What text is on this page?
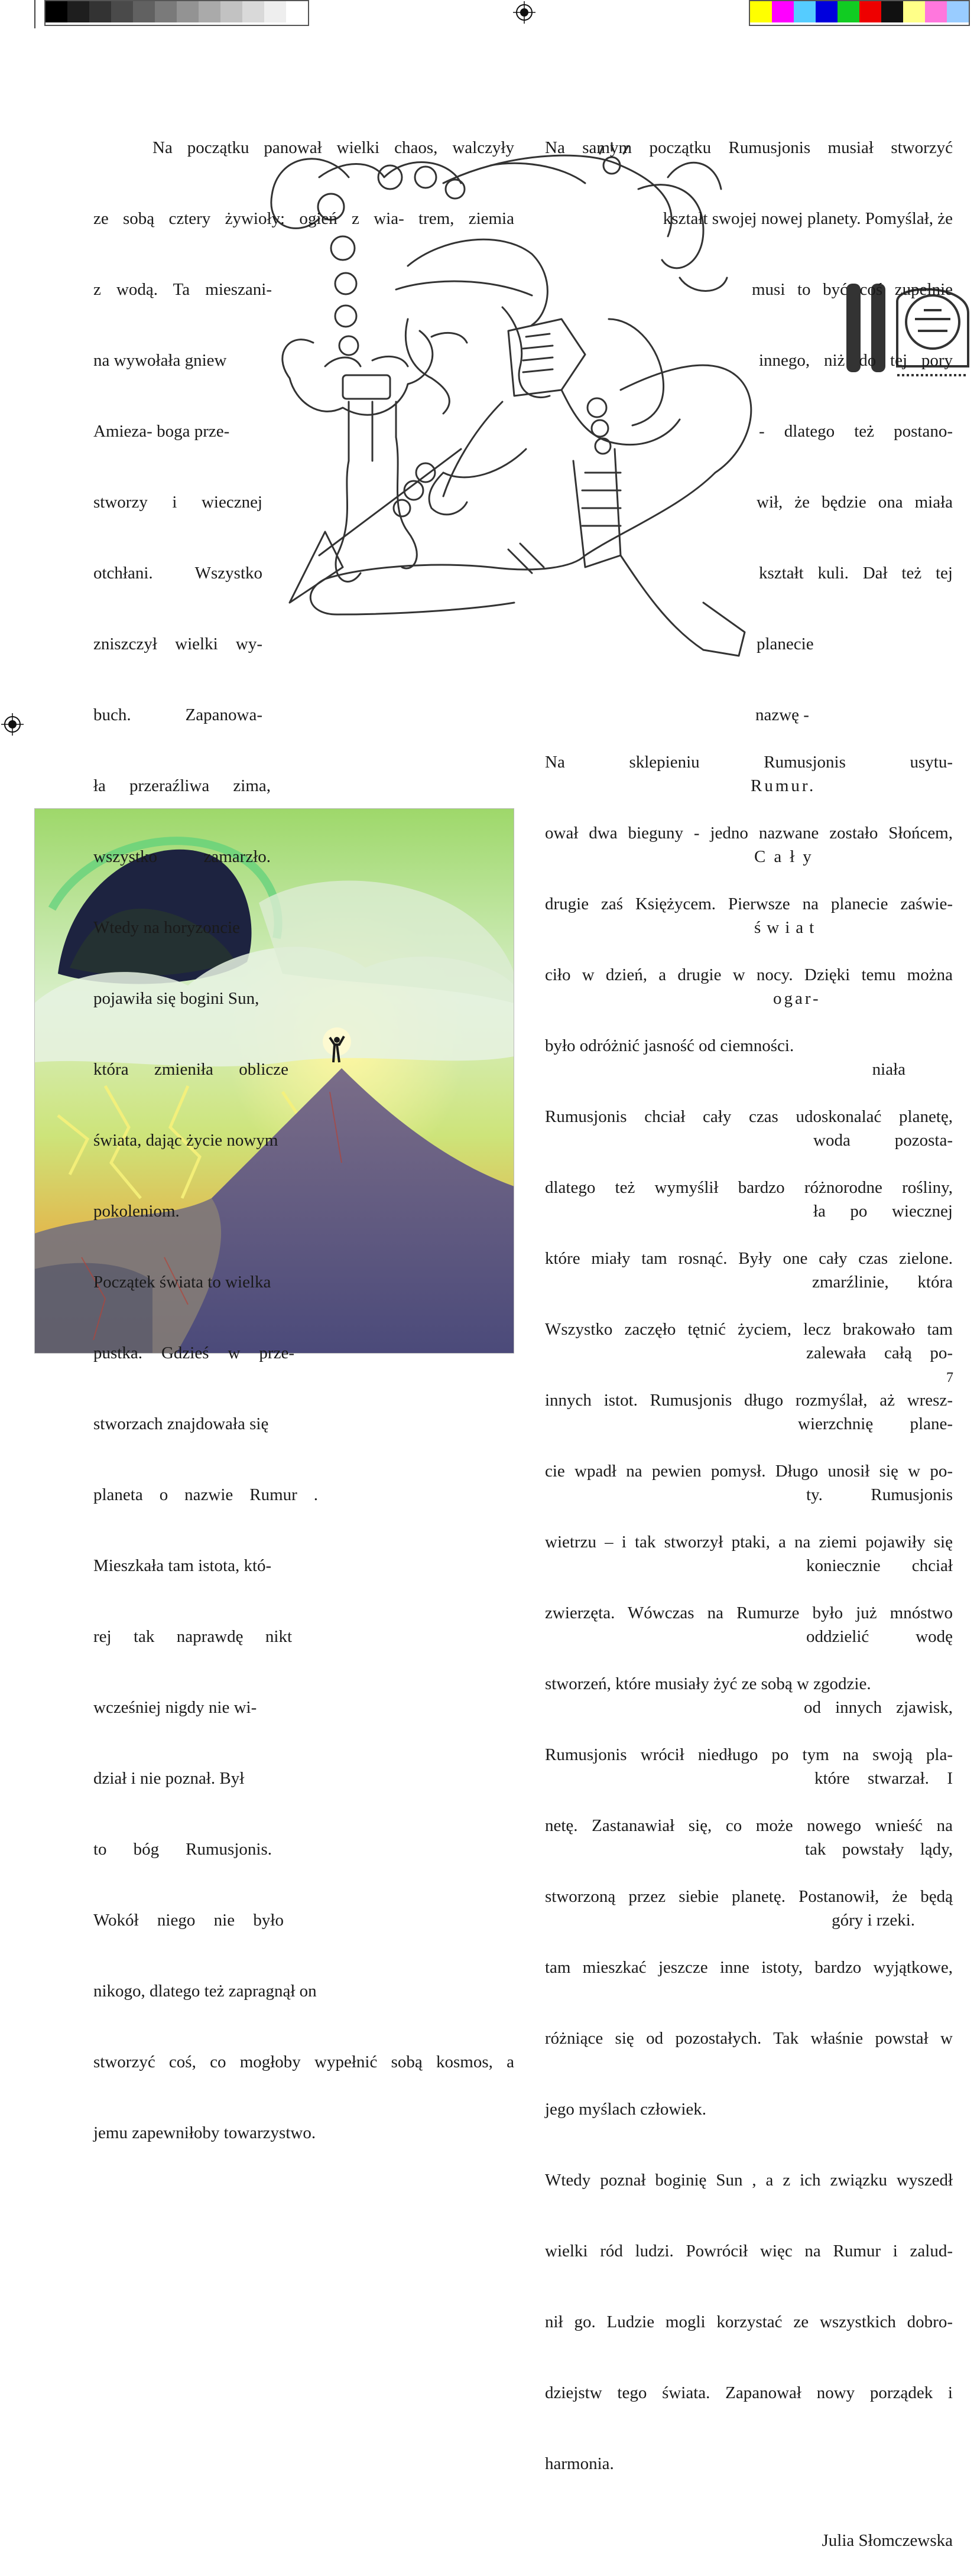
Na początku panował wielki chaos, walczyły

ze sobą cztery żywioły: ogień z wia- trem, ziemia

z wodą. Ta mieszani-

na wywołała gniew

Amieza- boga prze-

stworzy i wiecznej

otchłani. Wszystko

zniszczył wielki wy-

buch. Zapanowa-

ła przeraźliwa zima,

wszystko zamarzło.

Wtedy na horyzoncie

pojawiła się bogini Sun,

która zmieniła oblicze

świata, dając życie nowym

pokoleniom.

Początek świata to wielka

pustka. Gdzieś w prze-

stworzach znajdowała się

planeta o nazwie Rumur .

Mieszkała tam istota, któ-

rej tak naprawdę nikt

wcześniej nigdy nie wi-

dział i nie poznał. Był

to bóg Rumusjonis.

Wokół niego nie było

nikogo, dlatego też zapragnął on

stworzyć coś, co mogłoby wypełnić sobą kosmos, a

jemu zapewniłoby towarzystwo.

Na samym początku Rumusjonis musiał stworzyć

kształt swojej nowej planety. Pomyślał, że

musi to być coś zupełnie

innego, niż do tej pory

- dlatego też postano-

wił, że będzie ona miała

kształt kuli. Dał też tej

planecie

nazwę -

Rumur.

Cały

świat

ogar-

niała

woda pozosta-

ła po wiecznej

zmarźlinie, która

zalewała całą po-

wierzchnię plane-

ty. Rumusjonis

koniecznie chciał

oddzielić wodę

od innych zjawisk,

które stwarzał. I

tak powstały lądy,

góry i rzeki.

Na sklepieniu Rumusjonis usytu-

ował dwa bieguny - jedno nazwane zostało Słońcem,

drugie zaś Księżycem. Pierwsze na planecie zaświe-

ciło w dzień, a drugie w nocy. Dzięki temu można

było odróżnić jasność od ciemności.

Rumusjonis chciał cały czas udoskonalać planetę,

dlatego też wymyślił bardzo różnorodne rośliny,

które miały tam rosnąć. Były one cały czas zielone.

Wszystko zaczęło tętnić życiem, lecz brakowało tam

innych istot. Rumusjonis długo rozmyślał, aż wresz-

cie wpadł na pewien pomysł. Długo unosił się w po-

wietrzu – i tak stworzył ptaki, a na ziemi pojawiły się

zwierzęta. Wówczas na Rumurze było już mnóstwo

stworzeń, które musiały żyć ze sobą w zgodzie.

Rumusjonis wrócił niedługo po tym na swoją pla-

netę. Zastanawiał się, co może nowego wnieść na

stworzoną przez siebie planetę. Postanowił, że będą

tam mieszkać jeszcze inne istoty, bardzo wyjątkowe,

różniące się od pozostałych. Tak właśnie powstał w

jego myślach człowiek.

Wtedy poznał boginię Sun , a z ich związku wyszedł

wielki ród ludzi. Powrócił więc na Rumur i zalud-

nił go. Ludzie mogli korzystać ze wszystkich dobro-

dziejstw tego świata. Zapanował nowy porządek i

harmonia.

Julia Słomczewska

7
